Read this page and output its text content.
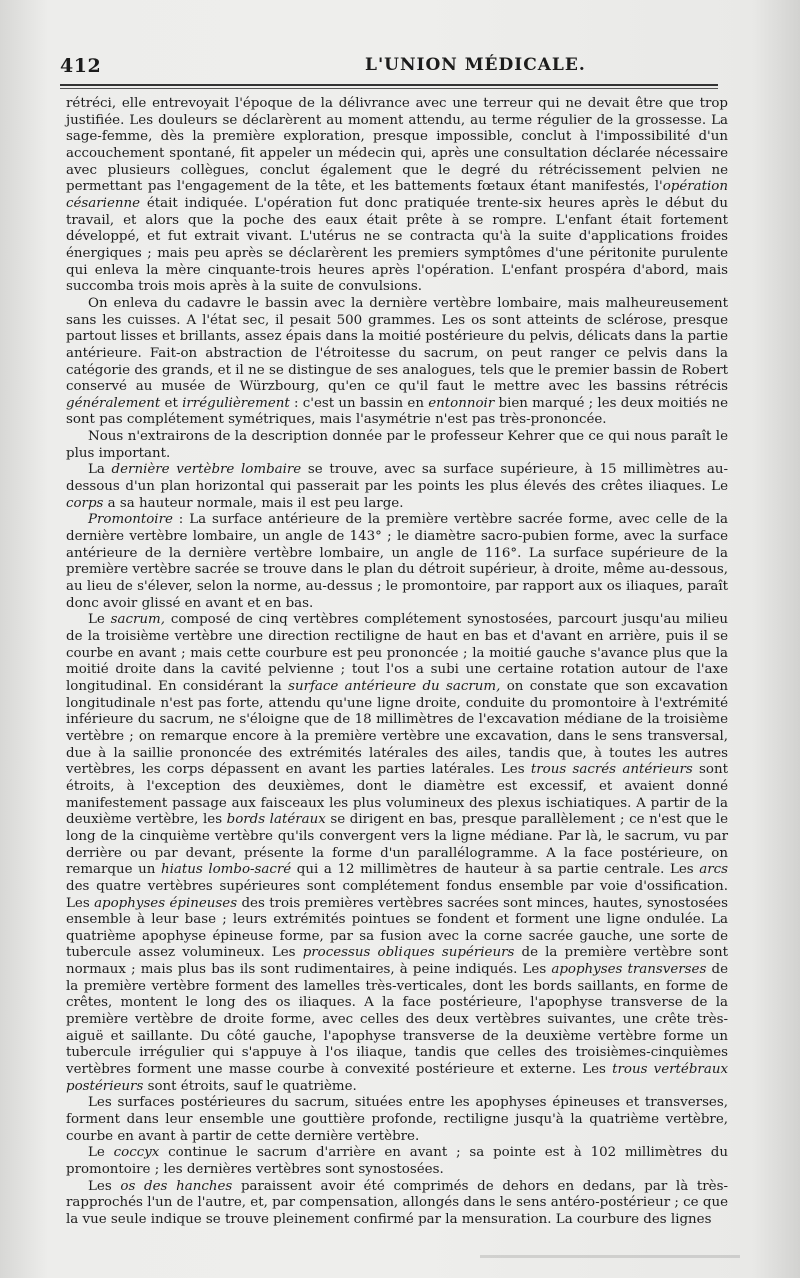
412	L'UNION MÉDICALE.

rétréci, elle entrevoyait l'époque de la délivrance avec une terreur qui ne devait être que trop justifiée. Les douleurs se déclarèrent au moment attendu, au terme régulier de la grossesse. La sage-femme, dès la première exploration, presque impossible, conclut à l'impossibilité d'un accouchement spontané, fit appeler un médecin qui, après une consultation déclarée nécessaire avec plusieurs collègues, conclut également que le degré du rétrécissement pelvien ne permettant pas l'engagement de la tête, et les battements fœtaux étant manifestés, l'opération césarienne était indiquée. L'opération fut donc pratiquée trente-six heures après le début du travail, et alors que la poche des eaux était prête à se rompre. L'enfant était fortement développé, et fut extrait vivant. L'utérus ne se contracta qu'à la suite d'applications froides énergiques ; mais peu après se déclarèrent les premiers symptômes d'une péritonite purulente qui enleva la mère cinquante-trois heures après l'opération. L'enfant prospéra d'abord, mais succomba trois mois après à la suite de convulsions.

On enleva du cadavre le bassin avec la dernière vertèbre lombaire, mais malheureusement sans les cuisses. A l'état sec, il pesait 500 grammes. Les os sont atteints de sclérose, presque partout lisses et brillants, assez épais dans la moitié postérieure du pelvis, délicats dans la partie antérieure. Fait-on abstraction de l'étroitesse du sacrum, on peut ranger ce pelvis dans la catégorie des grands, et il ne se distingue de ses analogues, tels que le premier bassin de Robert conservé au musée de Würzbourg, qu'en ce qu'il faut le mettre avec les bassins rétrécis généralement et irrégulièrement : c'est un bassin en entonnoir bien marqué ; les deux moitiés ne sont pas complétement symétriques, mais l'asymétrie n'est pas très-prononcée.

Nous n'extrairons de la description donnée par le professeur Kehrer que ce qui nous paraît le plus important.

La dernière vertèbre lombaire se trouve, avec sa surface supérieure, à 15 millimètres au-dessous d'un plan horizontal qui passerait par les points les plus élevés des crêtes iliaques. Le corps a sa hauteur normale, mais il est peu large.

Promontoire : La surface antérieure de la première vertèbre sacrée forme, avec celle de la dernière vertèbre lombaire, un angle de 143° ; le diamètre sacro-pubien forme, avec la surface antérieure de la dernière vertèbre lombaire, un angle de 116°. La surface supérieure de la première vertèbre sacrée se trouve dans le plan du détroit supérieur, à droite, même au-dessous, au lieu de s'élever, selon la norme, au-dessus ; le promontoire, par rapport aux os iliaques, paraît donc avoir glissé en avant et en bas.

Le sacrum, composé de cinq vertèbres complétement synostosées, parcourt jusqu'au milieu de la troisième vertèbre une direction rectiligne de haut en bas et d'avant en arrière, puis il se courbe en avant ; mais cette courbure est peu prononcée ; la moitié gauche s'avance plus que la moitié droite dans la cavité pelvienne ; tout l'os a subi une certaine rotation autour de l'axe longitudinal. En considérant la surface antérieure du sacrum, on constate que son excavation longitudinale n'est pas forte, attendu qu'une ligne droite, conduite du promontoire à l'extrémité inférieure du sacrum, ne s'éloigne que de 18 millimètres de l'excavation médiane de la troisième vertèbre ; on remarque encore à la première vertèbre une excavation, dans le sens transversal, due à la saillie prononcée des extrémités latérales des ailes, tandis que, à toutes les autres vertèbres, les corps dépassent en avant les parties latérales. Les trous sacrés antérieurs sont étroits, à l'exception des deuxièmes, dont le diamètre est excessif, et avaient donné manifestement passage aux faisceaux les plus volumineux des plexus ischiatiques. A partir de la deuxième vertèbre, les bords latéraux se dirigent en bas, presque parallèlement ; ce n'est que le long de la cinquième vertèbre qu'ils convergent vers la ligne médiane. Par là, le sacrum, vu par derrière ou par devant, présente la forme d'un parallélogramme. A la face postérieure, on remarque un hiatus lombo-sacré qui a 12 millimètres de hauteur à sa partie centrale. Les arcs des quatre vertèbres supérieures sont complétement fondus ensemble par voie d'ossification. Les apophyses épineuses des trois premières vertèbres sacrées sont minces, hautes, synostosées ensemble à leur base ; leurs extrémités pointues se fondent et forment une ligne ondulée. La quatrième apophyse épineuse forme, par sa fusion avec la corne sacrée gauche, une sorte de tubercule assez volumineux. Les processus obliques supérieurs de la première vertèbre sont normaux ; mais plus bas ils sont rudimentaires, à peine indiqués. Les apophyses transverses de la première vertèbre forment des lamelles très-verticales, dont les bords saillants, en forme de crêtes, montent le long des os iliaques. A la face postérieure, l'apophyse transverse de la première vertèbre de droite forme, avec celles des deux vertèbres suivantes, une crête très-aiguë et saillante. Du côté gauche, l'apophyse transverse de la deuxième vertèbre forme un tubercule irrégulier qui s'appuye à l'os iliaque, tandis que celles des troisièmes-cinquièmes vertèbres forment une masse courbe à convexité postérieure et externe. Les trous vertébraux postérieurs sont étroits, sauf le quatrième.

Les surfaces postérieures du sacrum, situées entre les apophyses épineuses et transverses, forment dans leur ensemble une gouttière profonde, rectiligne jusqu'à la quatrième vertèbre, courbe en avant à partir de cette dernière vertèbre.

Le coccyx continue le sacrum d'arrière en avant ; sa pointe est à 102 millimètres du promontoire ; les dernières vertèbres sont synostosées.

Les os des hanches paraissent avoir été comprimés de dehors en dedans, par là très-rapprochés l'un de l'autre, et, par compensation, allongés dans le sens antéro-postérieur ; ce que la vue seule indique se trouve pleinement confirmé par la mensuration. La courbure des lignes
